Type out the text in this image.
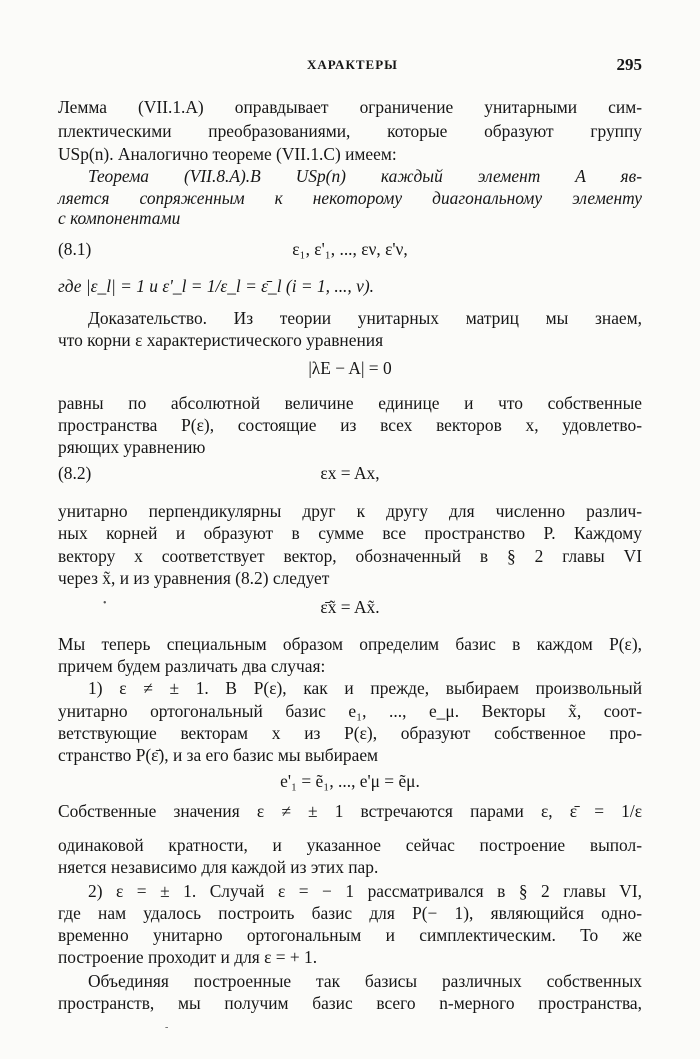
ХАРАКТЕРЫ	295
Лемма (VII.1.A) оправдывает ограничение унитарными сим-
плектическими преобразованиями, которые образуют группу
USp(n). Аналогично теореме (VII.1.C) имеем:
Теорема (VII.8.A).В USp(n) каждый элемент A яв-
ляется сопряженным к некоторому диагональному элементу
с компонентами
(8.1)	ε₁, ε'₁, ..., εν, ε'ν,
где |ε_l| = 1 и ε'_l = 1/ε_l = ε̄_l (i = 1, ..., ν).
Доказательство. Из теории унитарных матриц мы знаем,
что корни ε характеристического уравнения
|λE − A| = 0
равны по абсолютной величине единице и что собственные
пространства P(ε), состоящие из всех векторов x, удовлетво-
ряющих уравнению
(8.2)	εx = Ax,
унитарно перпендикулярны друг к другу для численно различ-
ных корней и образуют в сумме все пространство P. Каждому
вектору x соответствует вектор, обозначенный в § 2 главы VI
через x̃, и из уравнения (8.2) следует
•	ε̄x̃ = Ax̃.
Мы теперь специальным образом определим базис в каждом P(ε),
причем будем различать два случая:
1) ε ≠ ± 1. В P(ε), как и прежде, выбираем произвольный
унитарно ортогональный базис e₁, ..., e_μ. Векторы x̃, соот-
ветствующие векторам x из P(ε), образуют собственное про-
странство P(ε̄), и за его базис мы выбираем
e'₁ = ẽ₁, ..., e'μ = ẽμ.
Собственные значения ε ≠ ± 1 встречаются парами ε, ε̄ = 1/ε
одинаковой кратности, и указанное сейчас построение выпол-
няется независимо для каждой из этих пар.
2) ε = ± 1. Случай ε = − 1 рассматривался в § 2 главы VI,
где нам удалось построить базис для P(− 1), являющийся одно-
временно унитарно ортогональным и симплектическим. То же
построение проходит и для ε = + 1.
Объединяя построенные так базисы различных собственных
пространств, мы получим базис всего n-мерного пространства,
-
